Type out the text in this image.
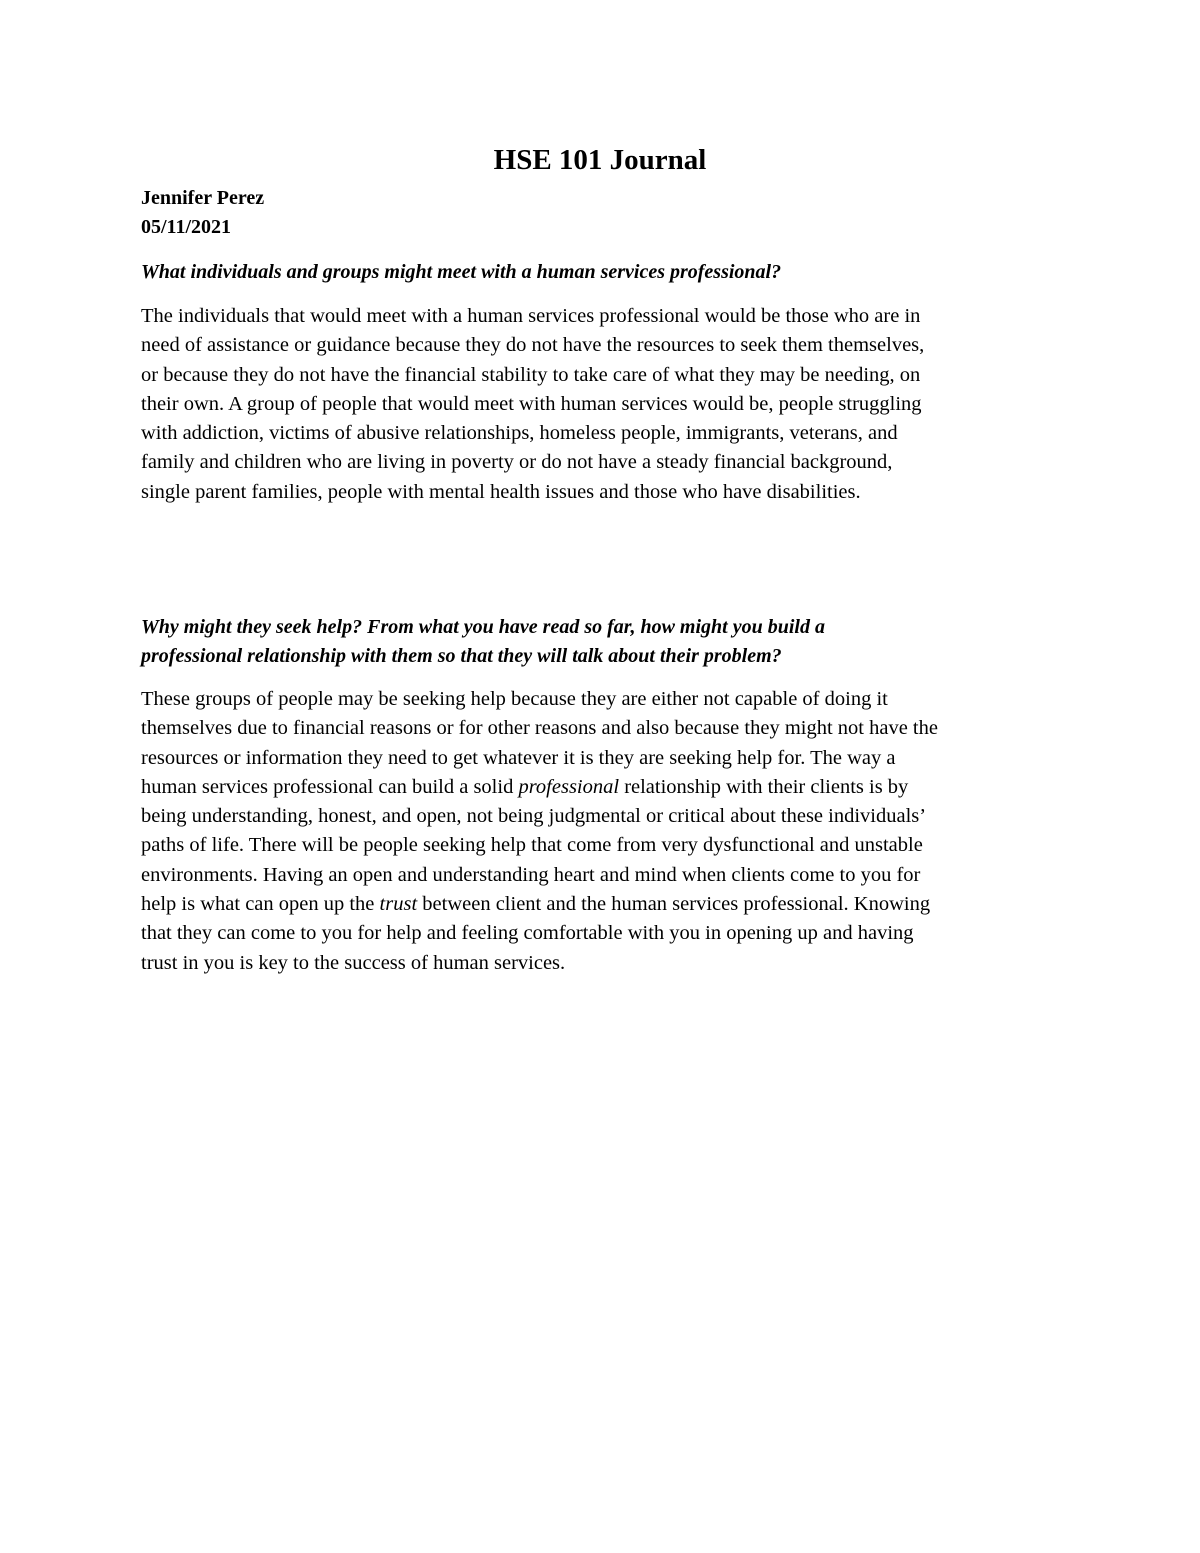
HSE 101 Journal
Jennifer Perez
05/11/2021
What individuals and groups might meet with a human services professional?
The individuals that would meet with a human services professional would be those who are in
need of assistance or guidance because they do not have the resources to seek them themselves,
or because they do not have the financial stability to take care of what they may be needing, on
their own. A group of people that would meet with human services would be, people struggling
with addiction, victims of abusive relationships, homeless people, immigrants, veterans, and
family and children who are living in poverty or do not have a steady financial background,
single parent families, people with mental health issues and those who have disabilities.
Why might they seek help? From what you have read so far, how might you build a
professional relationship with them so that they will talk about their problem?
These groups of people may be seeking help because they are either not capable of doing it
themselves due to financial reasons or for other reasons and also because they might not have the
resources or information they need to get whatever it is they are seeking help for. The way a
human services professional can build a solid professional relationship with their clients is by
being understanding, honest, and open, not being judgmental or critical about these individuals’
paths of life. There will be people seeking help that come from very dysfunctional and unstable
environments. Having an open and understanding heart and mind when clients come to you for
help is what can open up the trust between client and the human services professional. Knowing
that they can come to you for help and feeling comfortable with you in opening up and having
trust in you is key to the success of human services.
